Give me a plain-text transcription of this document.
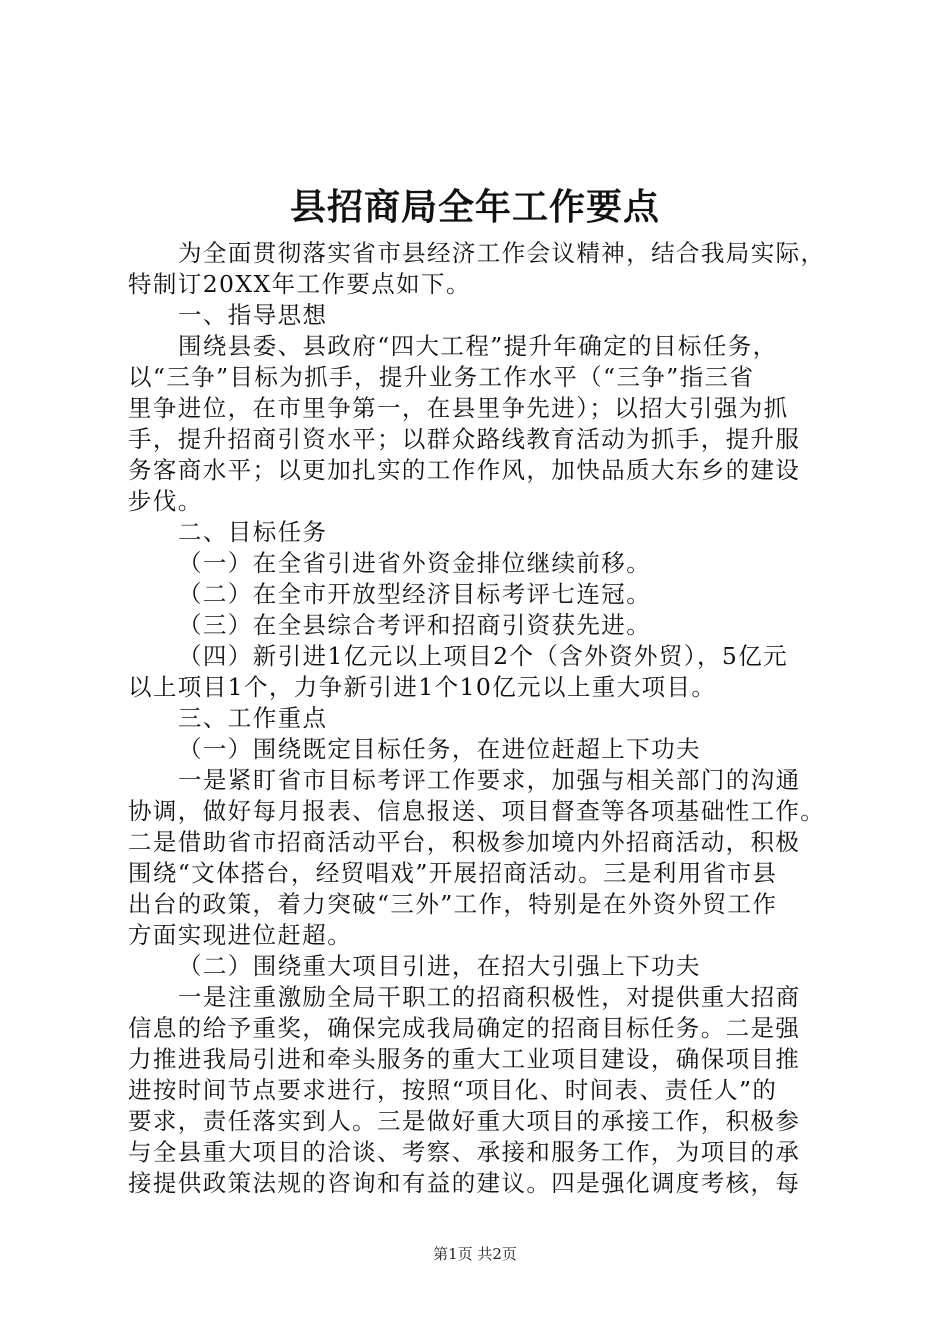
县招商局全年工作要点

为全面贯彻落实省市县经济工作会议精神，结合我局实际，

特制订20XX年工作要点如下。

一、指导思想

围绕县委、县政府“四大工程”提升年确定的目标任务，

以“三争”目标为抓手，提升业务工作水平（“三争”指三省

里争进位，在市里争第一，在县里争先进）；以招大引强为抓

手，提升招商引资水平；以群众路线教育活动为抓手，提升服

务客商水平；以更加扎实的工作作风，加快品质大东乡的建设

步伐。

二、目标任务

（一）在全省引进省外资金排位继续前移。

（二）在全市开放型经济目标考评七连冠。

（三）在全县综合考评和招商引资获先进。

（四）新引进1亿元以上项目2个（含外资外贸），5亿元

以上项目1个，力争新引进1个10亿元以上重大项目。

三、工作重点

（一）围绕既定目标任务，在进位赶超上下功夫

一是紧盯省市目标考评工作要求，加强与相关部门的沟通

协调，做好每月报表、信息报送、项目督查等各项基础性工作。

二是借助省市招商活动平台，积极参加境内外招商活动，积极

围绕“文体搭台，经贸唱戏”开展招商活动。三是利用省市县

出台的政策，着力突破“三外”工作，特别是在外资外贸工作

方面实现进位赶超。

（二）围绕重大项目引进，在招大引强上下功夫

一是注重激励全局干职工的招商积极性，对提供重大招商

信息的给予重奖，确保完成我局确定的招商目标任务。二是强

力推进我局引进和牵头服务的重大工业项目建设，确保项目推

进按时间节点要求进行，按照“项目化、时间表、责任人”的

要求，责任落实到人。三是做好重大项目的承接工作，积极参

与全县重大项目的洽谈、考察、承接和服务工作，为项目的承

接提供政策法规的咨询和有益的建议。四是强化调度考核，每

第1页 共2页
